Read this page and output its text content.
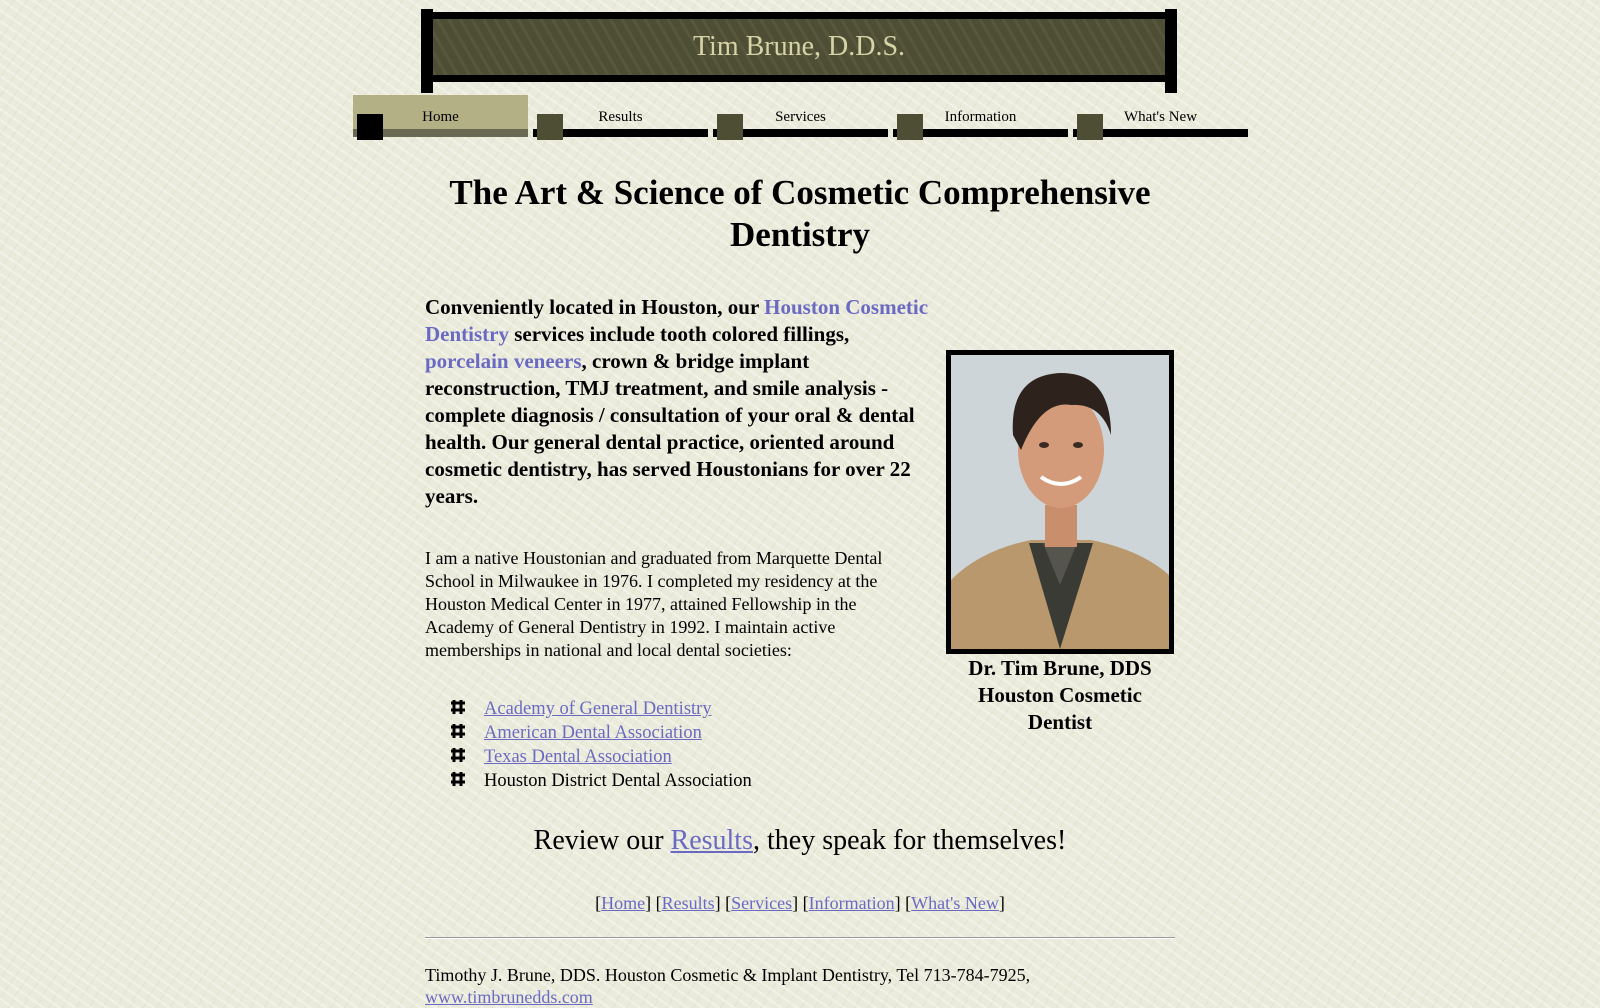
Tim Brune, D.D.S.
Home	Results	Services	Information	What's New
The Art & Science of Cosmetic Comprehensive Dentistry

Conveniently located in Houston, our Houston Cosmetic Dentistry services include tooth colored fillings, porcelain veneers, crown & bridge implant reconstruction, TMJ treatment, and smile analysis - complete diagnosis / consultation of your oral & dental health. Our general dental practice, oriented around cosmetic dentistry, has served Houstonians for over 22 years.

I am a native Houstonian and graduated from Marquette Dental School in Milwaukee in 1976. I completed my residency at the Houston Medical Center in 1977, attained Fellowship in the Academy of General Dentistry in 1992. I maintain active memberships in national and local dental societies:

Academy of General Dentistry
American Dental Association
Texas Dental Association
Houston District Dental Association
Dr. Tim Brune, DDS
Houston Cosmetic
Dentist

Review our Results, they speak for themselves!

[Home] [Results] [Services] [Information] [What's New]
Timothy J. Brune, DDS. Houston Cosmetic & Implant Dentistry, Tel 713-784-7925,
www.timbrunedds.com
